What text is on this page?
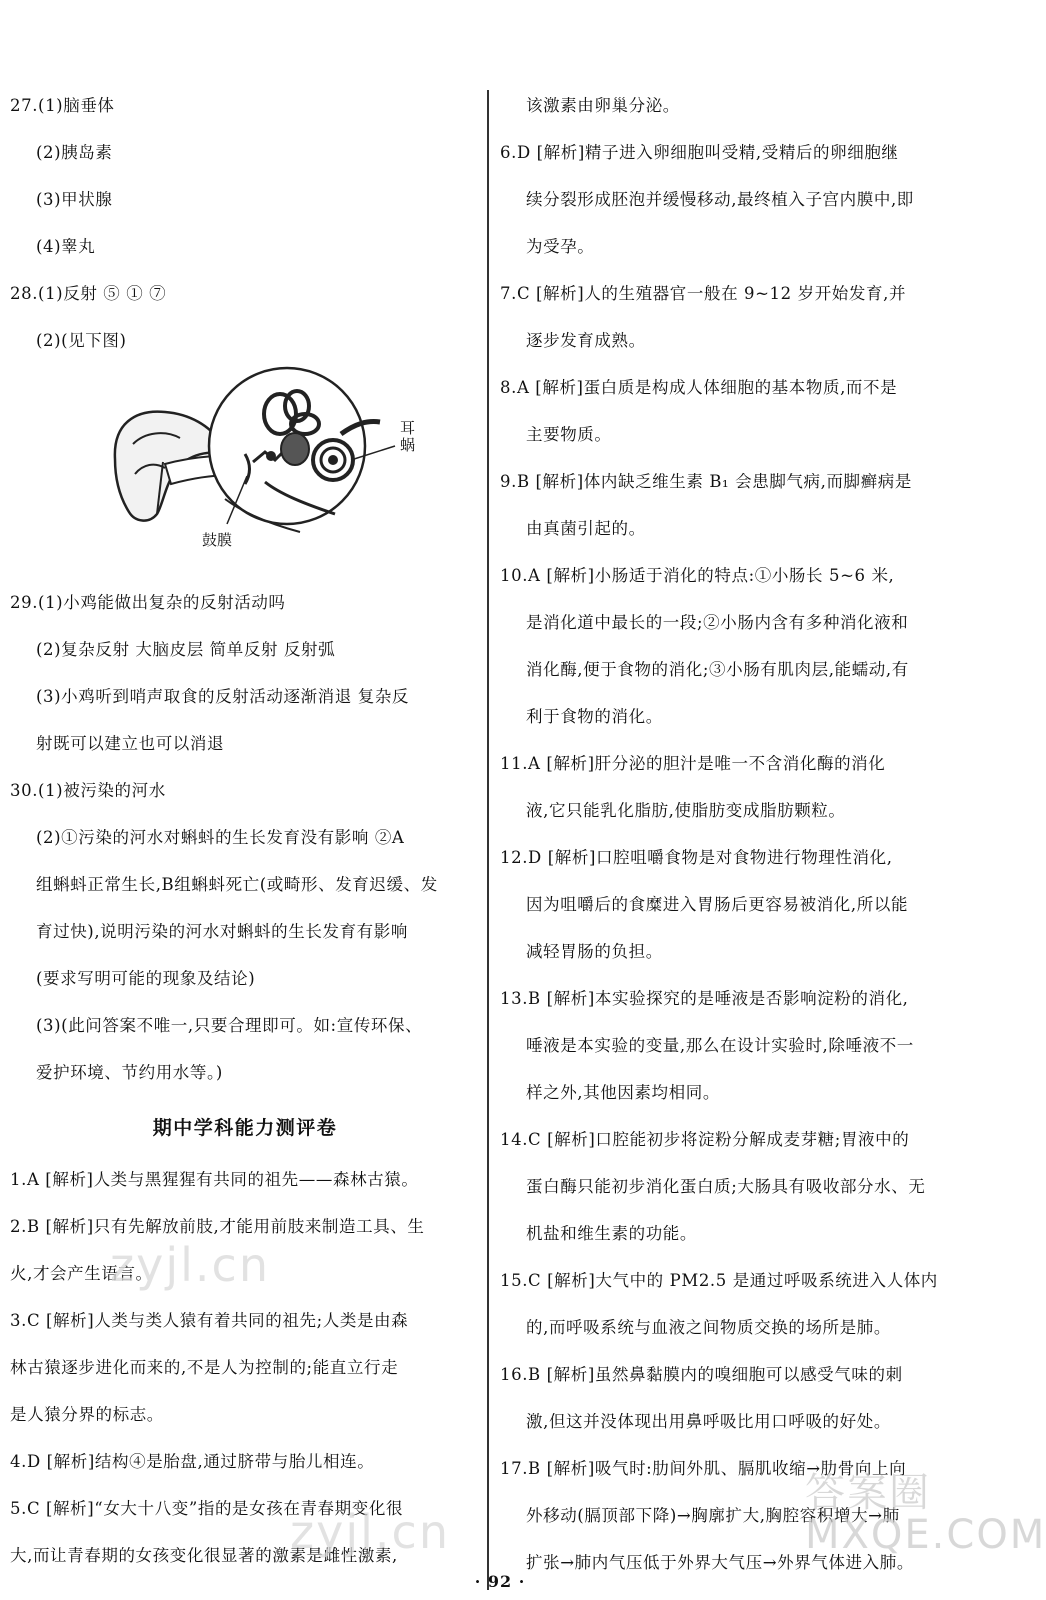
27.(1)脑垂体
(2)胰岛素
(3)甲状腺
(4)睾丸
28.(1)反射 ⑤ ① ⑦
(2)(见下图)
耳蜗
鼓膜
29.(1)小鸡能做出复杂的反射活动吗
(2)复杂反射 大脑皮层 简单反射 反射弧
(3)小鸡听到哨声取食的反射活动逐渐消退 复杂反
射既可以建立也可以消退
30.(1)被污染的河水
(2)①污染的河水对蝌蚪的生长发育没有影响 ②A
组蝌蚪正常生长,B组蝌蚪死亡(或畸形、发育迟缓、发
育过快),说明污染的河水对蝌蚪的生长发育有影响
(要求写明可能的现象及结论)
(3)(此问答案不唯一,只要合理即可。如:宣传环保、
爱护环境、节约用水等。)
期中学科能力测评卷
1.A [解析]人类与黑猩猩有共同的祖先——森林古猿。
2.B [解析]只有先解放前肢,才能用前肢来制造工具、生
火,才会产生语言。
3.C [解析]人类与类人猿有着共同的祖先;人类是由森
林古猿逐步进化而来的,不是人为控制的;能直立行走
是人猿分界的标志。
4.D [解析]结构④是胎盘,通过脐带与胎儿相连。
5.C [解析]“女大十八变”指的是女孩在青春期变化很
大,而让青春期的女孩变化很显著的激素是雌性激素,
该激素由卵巢分泌。
6.D [解析]精子进入卵细胞叫受精,受精后的卵细胞继
续分裂形成胚泡并缓慢移动,最终植入子宫内膜中,即
为受孕。
7.C [解析]人的生殖器官一般在 9~12 岁开始发育,并
逐步发育成熟。
8.A [解析]蛋白质是构成人体细胞的基本物质,而不是
主要物质。
9.B [解析]体内缺乏维生素 B₁ 会患脚气病,而脚癣病是
由真菌引起的。
10.A [解析]小肠适于消化的特点:①小肠长 5~6 米,
是消化道中最长的一段;②小肠内含有多种消化液和
消化酶,便于食物的消化;③小肠有肌肉层,能蠕动,有
利于食物的消化。
11.A [解析]肝分泌的胆汁是唯一不含消化酶的消化
液,它只能乳化脂肪,使脂肪变成脂肪颗粒。
12.D [解析]口腔咀嚼食物是对食物进行物理性消化,
因为咀嚼后的食糜进入胃肠后更容易被消化,所以能
减轻胃肠的负担。
13.B [解析]本实验探究的是唾液是否影响淀粉的消化,
唾液是本实验的变量,那么在设计实验时,除唾液不一
样之外,其他因素均相同。
14.C [解析]口腔能初步将淀粉分解成麦芽糖;胃液中的
蛋白酶只能初步消化蛋白质;大肠具有吸收部分水、无
机盐和维生素的功能。
15.C [解析]大气中的 PM2.5 是通过呼吸系统进入人体内
的,而呼吸系统与血液之间物质交换的场所是肺。
16.B [解析]虽然鼻黏膜内的嗅细胞可以感受气味的刺
激,但这并没体现出用鼻呼吸比用口呼吸的好处。
17.B [解析]吸气时:肋间外肌、膈肌收缩→肋骨向上向
外移动(膈顶部下降)→胸廓扩大,胸腔容积增大→肺
扩张→肺内气压低于外界大气压→外界气体进入肺。
zyjl.cn
zyjl.cn
答案圈
MXQE.COM
· 92 ·
